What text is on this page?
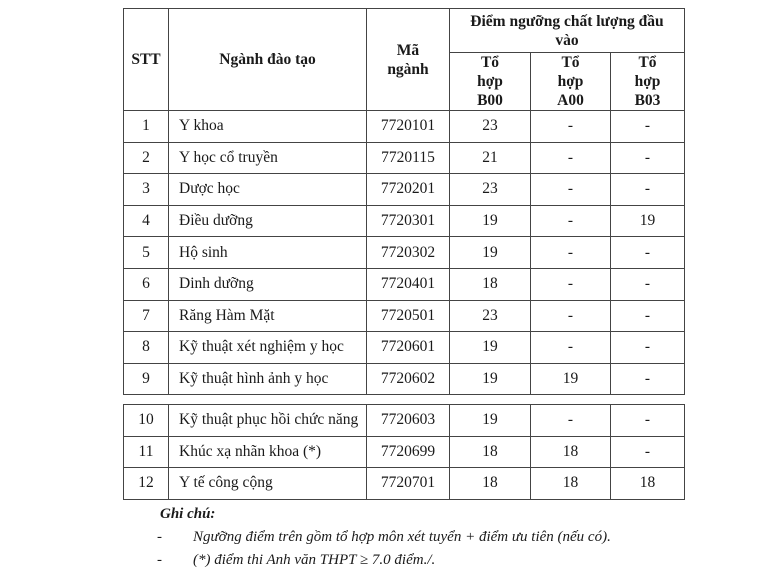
STT	Ngành đào tạo	Mã ngành	Điểm ngưỡng chất lượng đầu vào		
			Tổ hợp B00	Tổ hợp A00	Tổ hợp B03
1	Y khoa	7720101	23	-	-
2	Y học cổ truyền	7720115	21	-	-
3	Dược học	7720201	23	-	-
4	Điều dưỡng	7720301	19	-	19
5	Hộ sinh	7720302	19	-	-
6	Dinh dưỡng	7720401	18	-	-
7	Răng Hàm Mặt	7720501	23	-	-
8	Kỹ thuật xét nghiệm y học	7720601	19	-	-
9	Kỹ thuật hình ảnh y học	7720602	19	19	-
10	Kỹ thuật phục hồi chức năng	7720603	19	-	-
11	Khúc xạ nhãn khoa (*)	7720699	18	18	-
12	Y tế công cộng	7720701	18	18	18
Ghi chú:
- Ngưỡng điểm trên gồm tổ hợp môn xét tuyển + điểm ưu tiên (nếu có).
- (*) điểm thi Anh văn THPT ≥ 7.0 điểm./.
